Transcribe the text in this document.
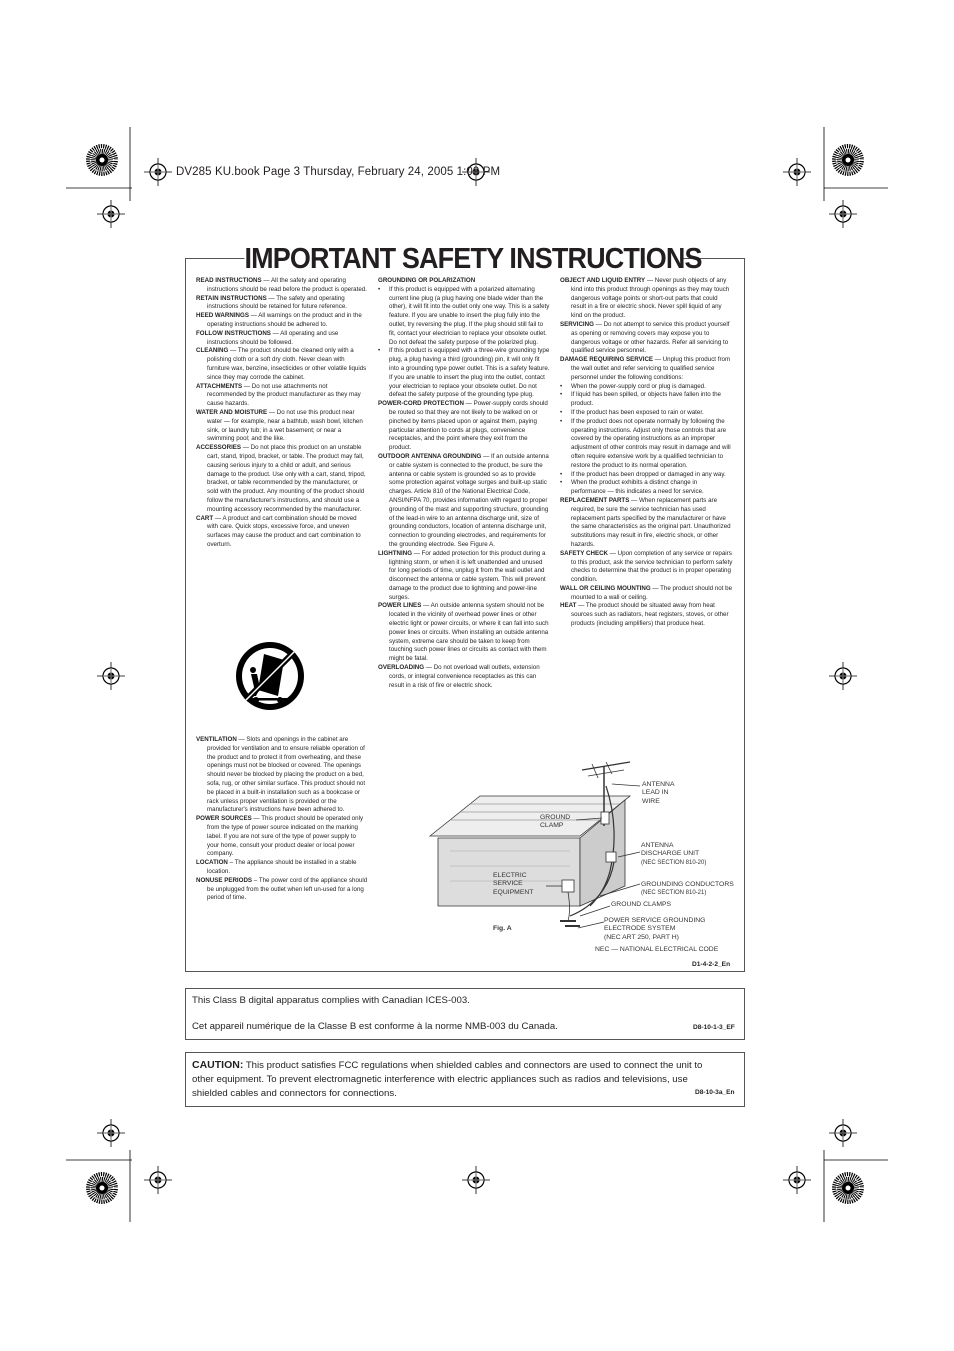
DV285 KU.book Page 3 Thursday, February 24, 2005 1:09 PM
IMPORTANT SAFETY INSTRUCTIONS

READ INSTRUCTIONS — All the safety and operating instructions should be read before the product is operated.

RETAIN INSTRUCTIONS — The safety and operating instructions should be retained for future reference.

HEED WARNINGS — All warnings on the product and in the operating instructions should be adhered to.

FOLLOW INSTRUCTIONS — All operating and use instructions should be followed.

CLEANING — The product should be cleaned only with a polishing cloth or a soft dry cloth. Never clean with furniture wax, benzine, insecticides or other volatile liquids since they may corrode the cabinet.

ATTACHMENTS — Do not use attachments not recommended by the product manufacturer as they may cause hazards.

WATER AND MOISTURE — Do not use this product near water — for example, near a bathtub, wash bowl, kitchen sink, or laundry tub; in a wet basement; or near a swimming pool; and the like.

ACCESSORIES — Do not place this product on an unstable cart, stand, tripod, bracket, or table. The product may fall, causing serious injury to a child or adult, and serious damage to the product. Use only with a cart, stand, tripod, bracket, or table recommended by the manufacturer, or sold with the product. Any mounting of the product should follow the manufacturer's instructions, and should use a mounting accessory recommended by the manufacturer.

CART — A product and cart combination should be moved with care. Quick stops, excessive force, and uneven surfaces may cause the product and cart combination to overturn.

VENTILATION — Slots and openings in the cabinet are provided for ventilation and to ensure reliable operation of the product and to protect it from overheating, and these openings must not be blocked or covered. The openings should never be blocked by placing the product on a bed, sofa, rug, or other similar surface. This product should not be placed in a built-in installation such as a bookcase or rack unless proper ventilation is provided or the manufacturer's instructions have been adhered to.

POWER SOURCES — This product should be operated only from the type of power source indicated on the marking label. If you are not sure of the type of power supply to your home, consult your product dealer or local power company.

LOCATION – The appliance should be installed in a stable location.

NONUSE PERIODS – The power cord of the appliance should be unplugged from the outlet when left un-used for a long period of time.

GROUNDING OR POLARIZATION

• If this product is equipped with a polarized alternating current line plug (a plug having one blade wider than the other), it will fit into the outlet only one way. This is a safety feature. If you are unable to insert the plug fully into the outlet, try reversing the plug. If the plug should still fail to fit, contact your electrician to replace your obsolete outlet. Do not defeat the safety purpose of the polarized plug.

• If this product is equipped with a three-wire grounding type plug, a plug having a third (grounding) pin, it will only fit into a grounding type power outlet. This is a safety feature. If you are unable to insert the plug into the outlet, contact your electrician to replace your obsolete outlet. Do not defeat the safety purpose of the grounding type plug.

POWER-CORD PROTECTION — Power-supply cords should be routed so that they are not likely to be walked on or pinched by items placed upon or against them, paying particular attention to cords at plugs, convenience receptacles, and the point where they exit from the product.

OUTDOOR ANTENNA GROUNDING — If an outside antenna or cable system is connected to the product, be sure the antenna or cable system is grounded so as to provide some protection against voltage surges and built-up static charges. Article 810 of the National Electrical Code, ANSI/NFPA 70, provides information with regard to proper grounding of the mast and supporting structure, grounding of the lead-in wire to an antenna discharge unit, size of grounding conductors, location of antenna discharge unit, connection to grounding electrodes, and requirements for the grounding electrode. See Figure A.

LIGHTNING — For added protection for this product during a lightning storm, or when it is left unattended and unused for long periods of time, unplug it from the wall outlet and disconnect the antenna or cable system. This will prevent damage to the product due to lightning and power-line surges.

POWER LINES — An outside antenna system should not be located in the vicinity of overhead power lines or other electric light or power circuits, or where it can fall into such power lines or circuits. When installing an outside antenna system, extreme care should be taken to keep from touching such power lines or circuits as contact with them might be fatal.

OVERLOADING — Do not overload wall outlets, extension cords, or integral convenience receptacles as this can result in a risk of fire or electric shock.

OBJECT AND LIQUID ENTRY — Never push objects of any kind into this product through openings as they may touch dangerous voltage points or short-out parts that could result in a fire or electric shock. Never spill liquid of any kind on the product.

SERVICING — Do not attempt to service this product yourself as opening or removing covers may expose you to dangerous voltage or other hazards. Refer all servicing to qualified service personnel.

DAMAGE REQUIRING SERVICE — Unplug this product from the wall outlet and refer servicing to qualified service personnel under the following conditions:

• When the power-supply cord or plug is damaged.

• If liquid has been spilled, or objects have fallen into the product.

• If the product has been exposed to rain or water.

• If the product does not operate normally by following the operating instructions. Adjust only those controls that are covered by the operating instructions as an improper adjustment of other controls may result in damage and will often require extensive work by a qualified technician to restore the product to its normal operation.

• If the product has been dropped or damaged in any way.

• When the product exhibits a distinct change in performance — this indicates a need for service.

REPLACEMENT PARTS — When replacement parts are required, be sure the service technician has used replacement parts specified by the manufacturer or have the same characteristics as the original part. Unauthorized substitutions may result in fire, electric shock, or other hazards.

SAFETY CHECK — Upon completion of any service or repairs to this product, ask the service technician to perform safety checks to determine that the product is in proper operating condition.

WALL OR CEILING MOUNTING — The product should not be mounted to a wall or ceiling.

HEAT — The product should be situated away from heat sources such as radiators, heat registers, stoves, or other products (including amplifiers) that produce heat.

ANTENNA
LEAD IN
WIRE
GROUND
CLAMP
ANTENNA
DISCHARGE UNIT
(NEC SECTION 810-20)
ELECTRIC
SERVICE
EQUIPMENT
GROUNDING CONDUCTORS
(NEC SECTION 810-21)
GROUND CLAMPS
POWER SERVICE GROUNDING
ELECTRODE SYSTEM
(NEC ART 250, PART H)
Fig. A
NEC — NATIONAL ELECTRICAL CODE
D1-4-2-2_En
This Class B digital apparatus complies with Canadian ICES-003.
Cet appareil numérique de la Classe B est conforme à la norme NMB-003 du Canada.	D8-10-1-3_EF
CAUTION: This product satisfies FCC regulations when shielded cables and connectors are used to connect the unit to other equipment. To prevent electromagnetic interference with electric appliances such as radios and televisions, use shielded cables and connectors for connections.	D8-10-3a_En
